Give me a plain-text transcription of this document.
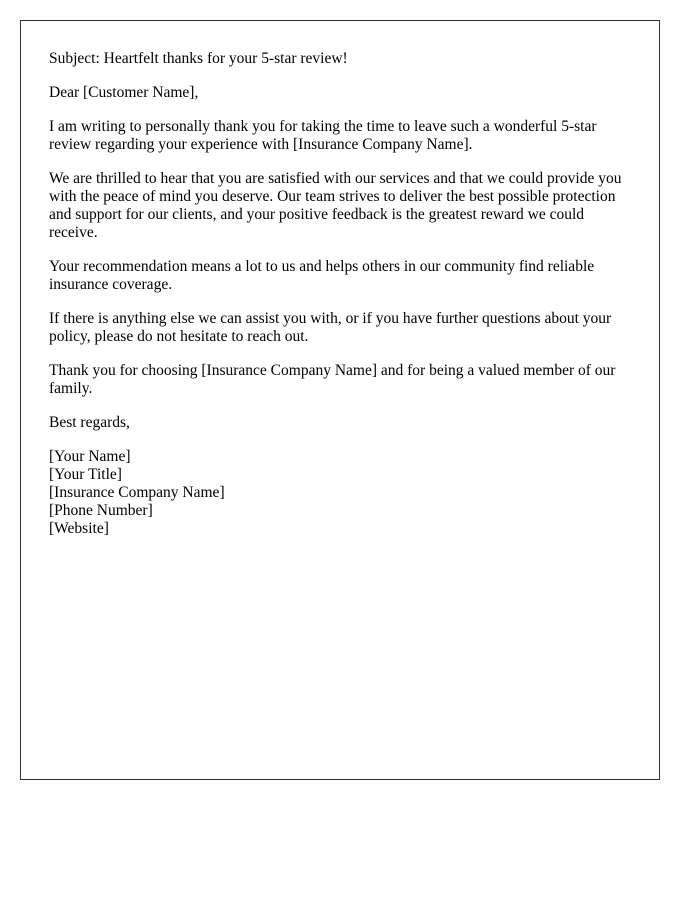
Subject: Heartfelt thanks for your 5-star review!

Dear [Customer Name],

I am writing to personally thank you for taking the time to leave such a wonderful 5-star review regarding your experience with [Insurance Company Name].

We are thrilled to hear that you are satisfied with our services and that we could provide you with the peace of mind you deserve. Our team strives to deliver the best possible protection and support for our clients, and your positive feedback is the greatest reward we could receive.

Your recommendation means a lot to us and helps others in our community find reliable insurance coverage.

If there is anything else we can assist you with, or if you have further questions about your policy, please do not hesitate to reach out.

Thank you for choosing [Insurance Company Name] and for being a valued member of our family.

Best regards,

[Your Name]
[Your Title]
[Insurance Company Name]
[Phone Number]
[Website]
